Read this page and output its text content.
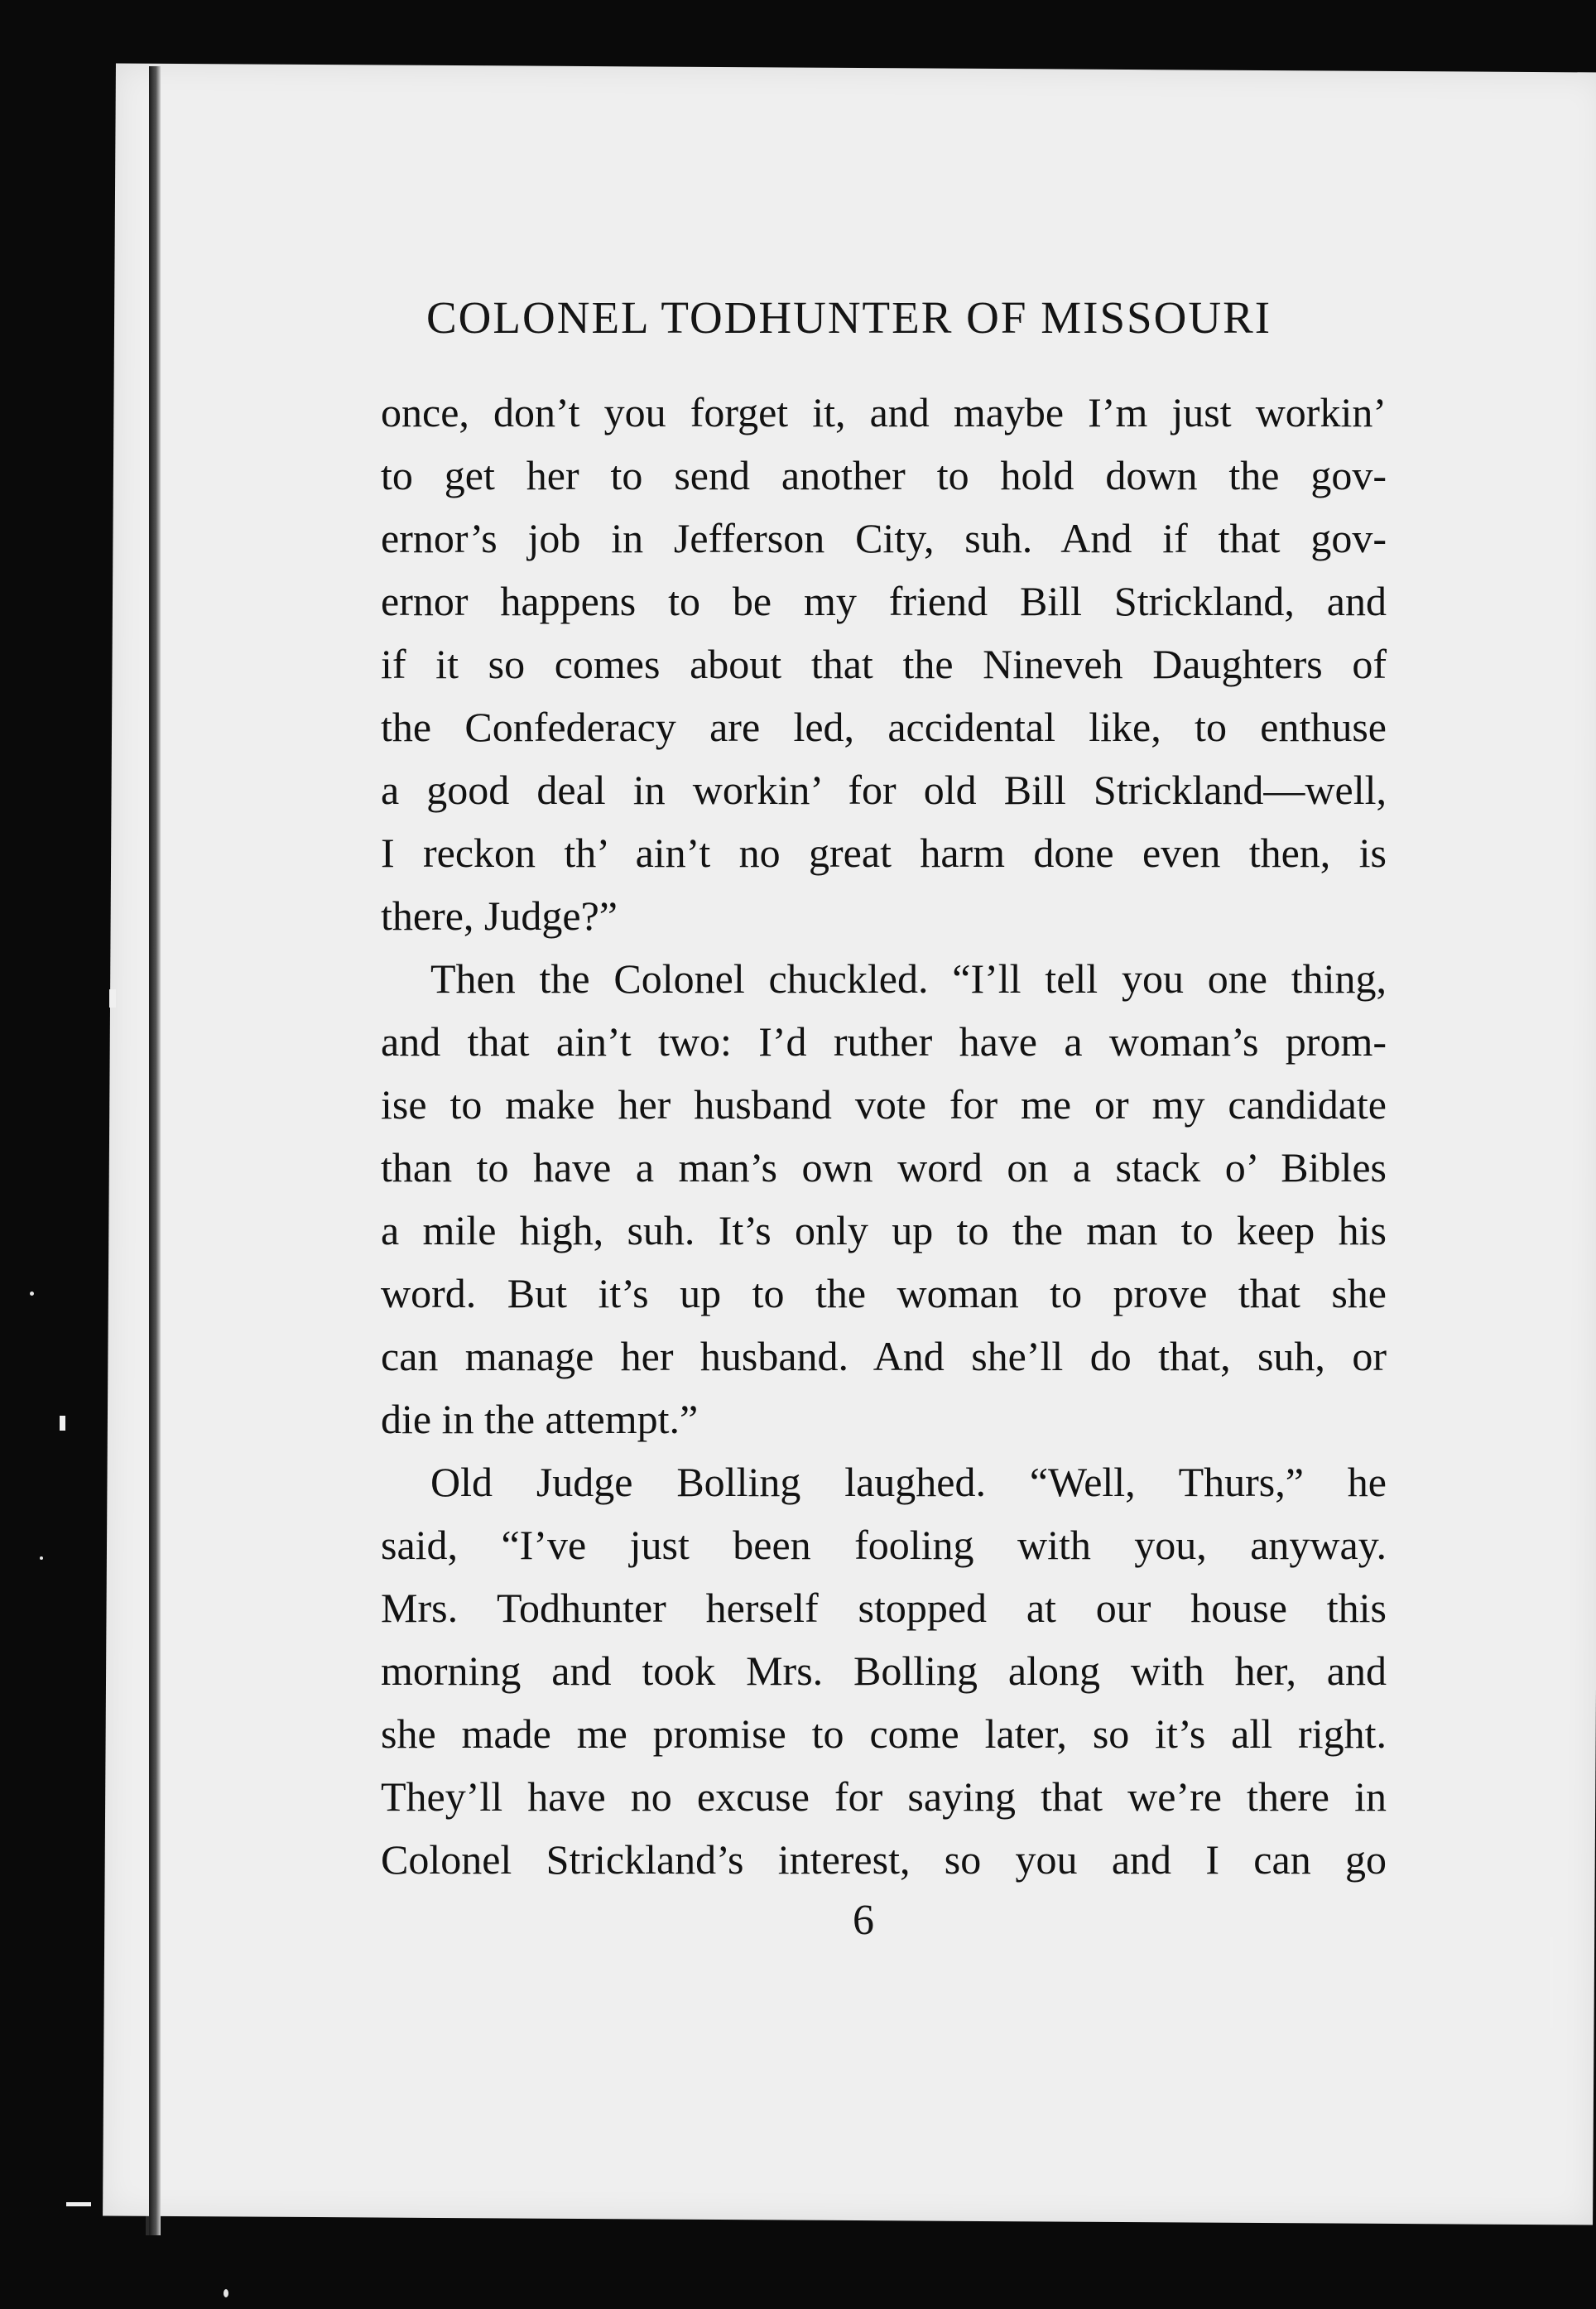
COLONEL TODHUNTER OF MISSOURI
once, don’t you forget it, and maybe I’m just workin’
to get her to send another to hold down the gov-
ernor’s job in Jefferson City, suh. And if that gov-
ernor happens to be my friend Bill Strickland, and
if it so comes about that the Nineveh Daughters of
the Confederacy are led, accidental like, to enthuse
a good deal in workin’ for old Bill Strickland—well,
I reckon th’ ain’t no great harm done even then, is
there, Judge?”
Then the Colonel chuckled. “I’ll tell you one thing,
and that ain’t two: I’d ruther have a woman’s prom-
ise to make her husband vote for me or my candidate
than to have a man’s own word on a stack o’ Bibles
a mile high, suh. It’s only up to the man to keep his
word. But it’s up to the woman to prove that she
can manage her husband. And she’ll do that, suh, or
die in the attempt.”
Old Judge Bolling laughed. “Well, Thurs,” he
said, “I’ve just been fooling with you, anyway.
Mrs. Todhunter herself stopped at our house this
morning and took Mrs. Bolling along with her, and
she made me promise to come later, so it’s all right.
They’ll have no excuse for saying that we’re there in
Colonel Strickland’s interest, so you and I can go
6
